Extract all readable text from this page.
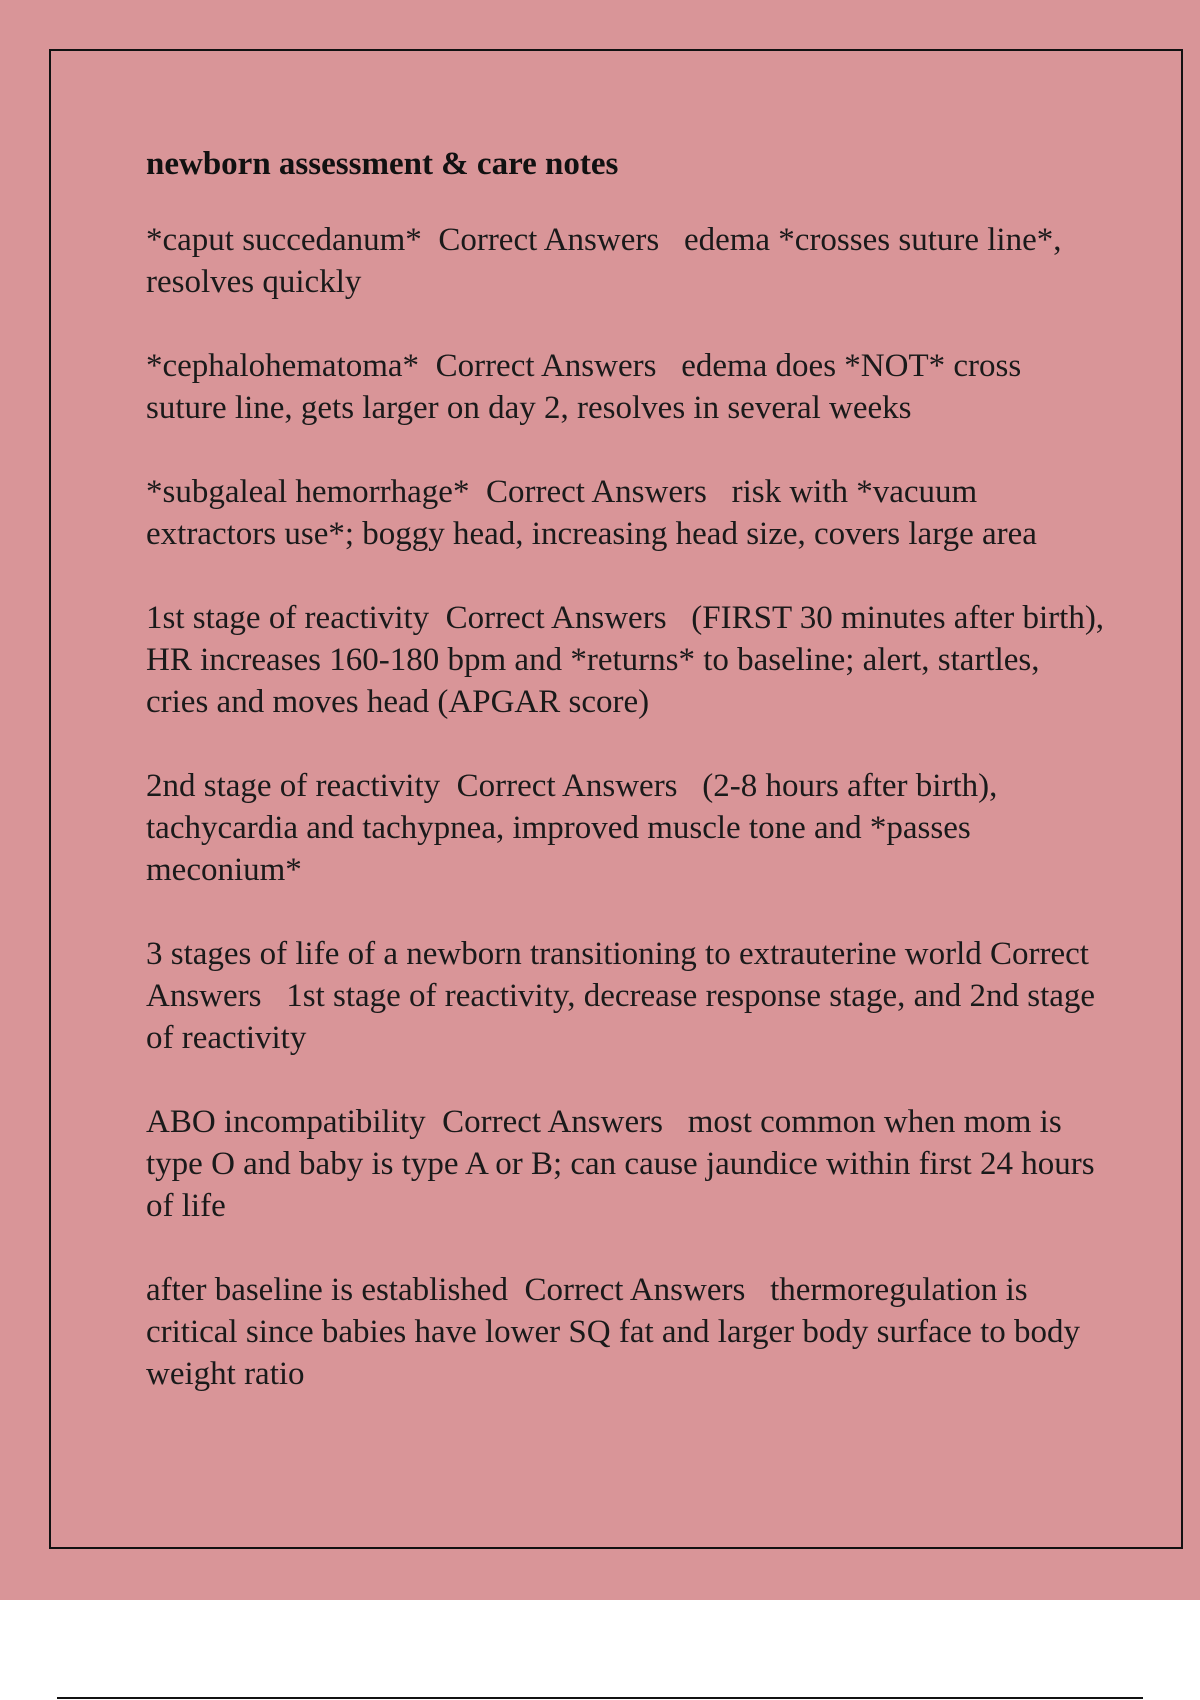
newborn assessment & care notes
*caput succedanum* Correct Answers edema *crosses suture line*, resolves quickly
*cephalohematoma* Correct Answers edema does *NOT* cross suture line, gets larger on day 2, resolves in several weeks
*subgaleal hemorrhage* Correct Answers risk with *vacuum extractors use*; boggy head, increasing head size, covers large area
1st stage of reactivity Correct Answers (FIRST 30 minutes after birth), HR increases 160-180 bpm and *returns* to baseline; alert, startles, cries and moves head (APGAR score)
2nd stage of reactivity Correct Answers (2-8 hours after birth), tachycardia and tachypnea, improved muscle tone and *passes meconium*
3 stages of life of a newborn transitioning to extrauterine world Correct Answers 1st stage of reactivity, decrease response stage, and 2nd stage of reactivity
ABO incompatibility Correct Answers most common when mom is type O and baby is type A or B; can cause jaundice within first 24 hours of life
after baseline is established Correct Answers thermoregulation is critical since babies have lower SQ fat and larger body surface to body weight ratio
